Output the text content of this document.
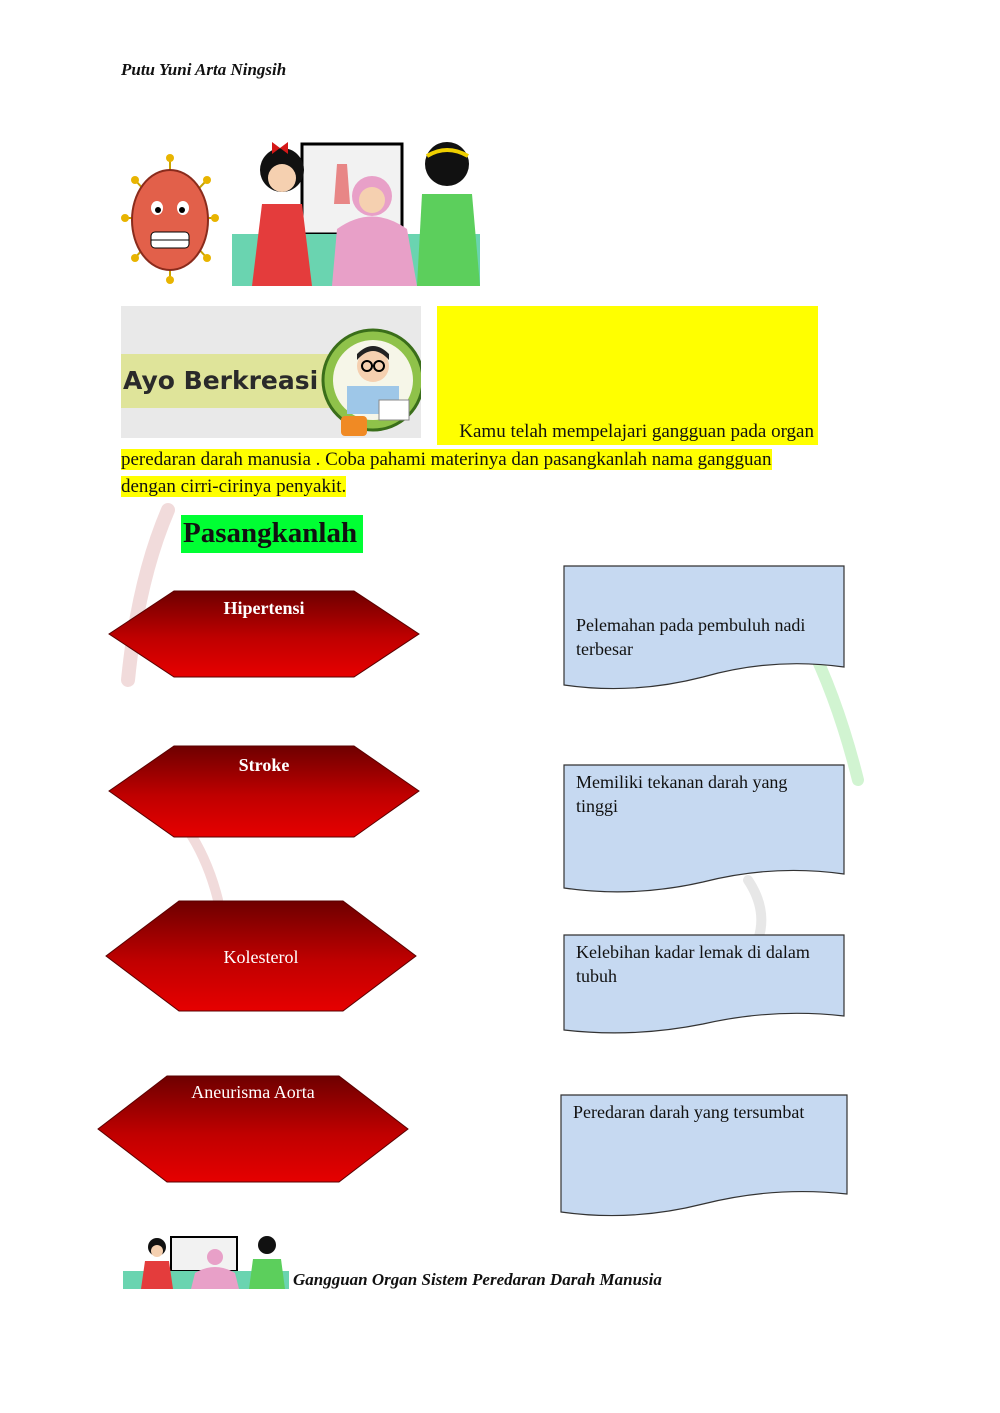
Putu Yuni Arta Ningsih
Ayo Berkreasi
Kamu telah mempelajari gangguan pada organ
peredaran darah manusia . Coba pahami materinya dan pasangkanlah nama gangguan
dengan cirri-cirinya penyakit.
Pasangkanlah
Hipertensi
Stroke
Kolesterol
Aneurisma Aorta
Pelemahan pada pembuluh nadi
terbesar
Memiliki tekanan darah yang
tinggi
Kelebihan kadar lemak di dalam
tubuh
Peredaran darah yang tersumbat
Gangguan Organ Sistem Peredaran Darah Manusia
